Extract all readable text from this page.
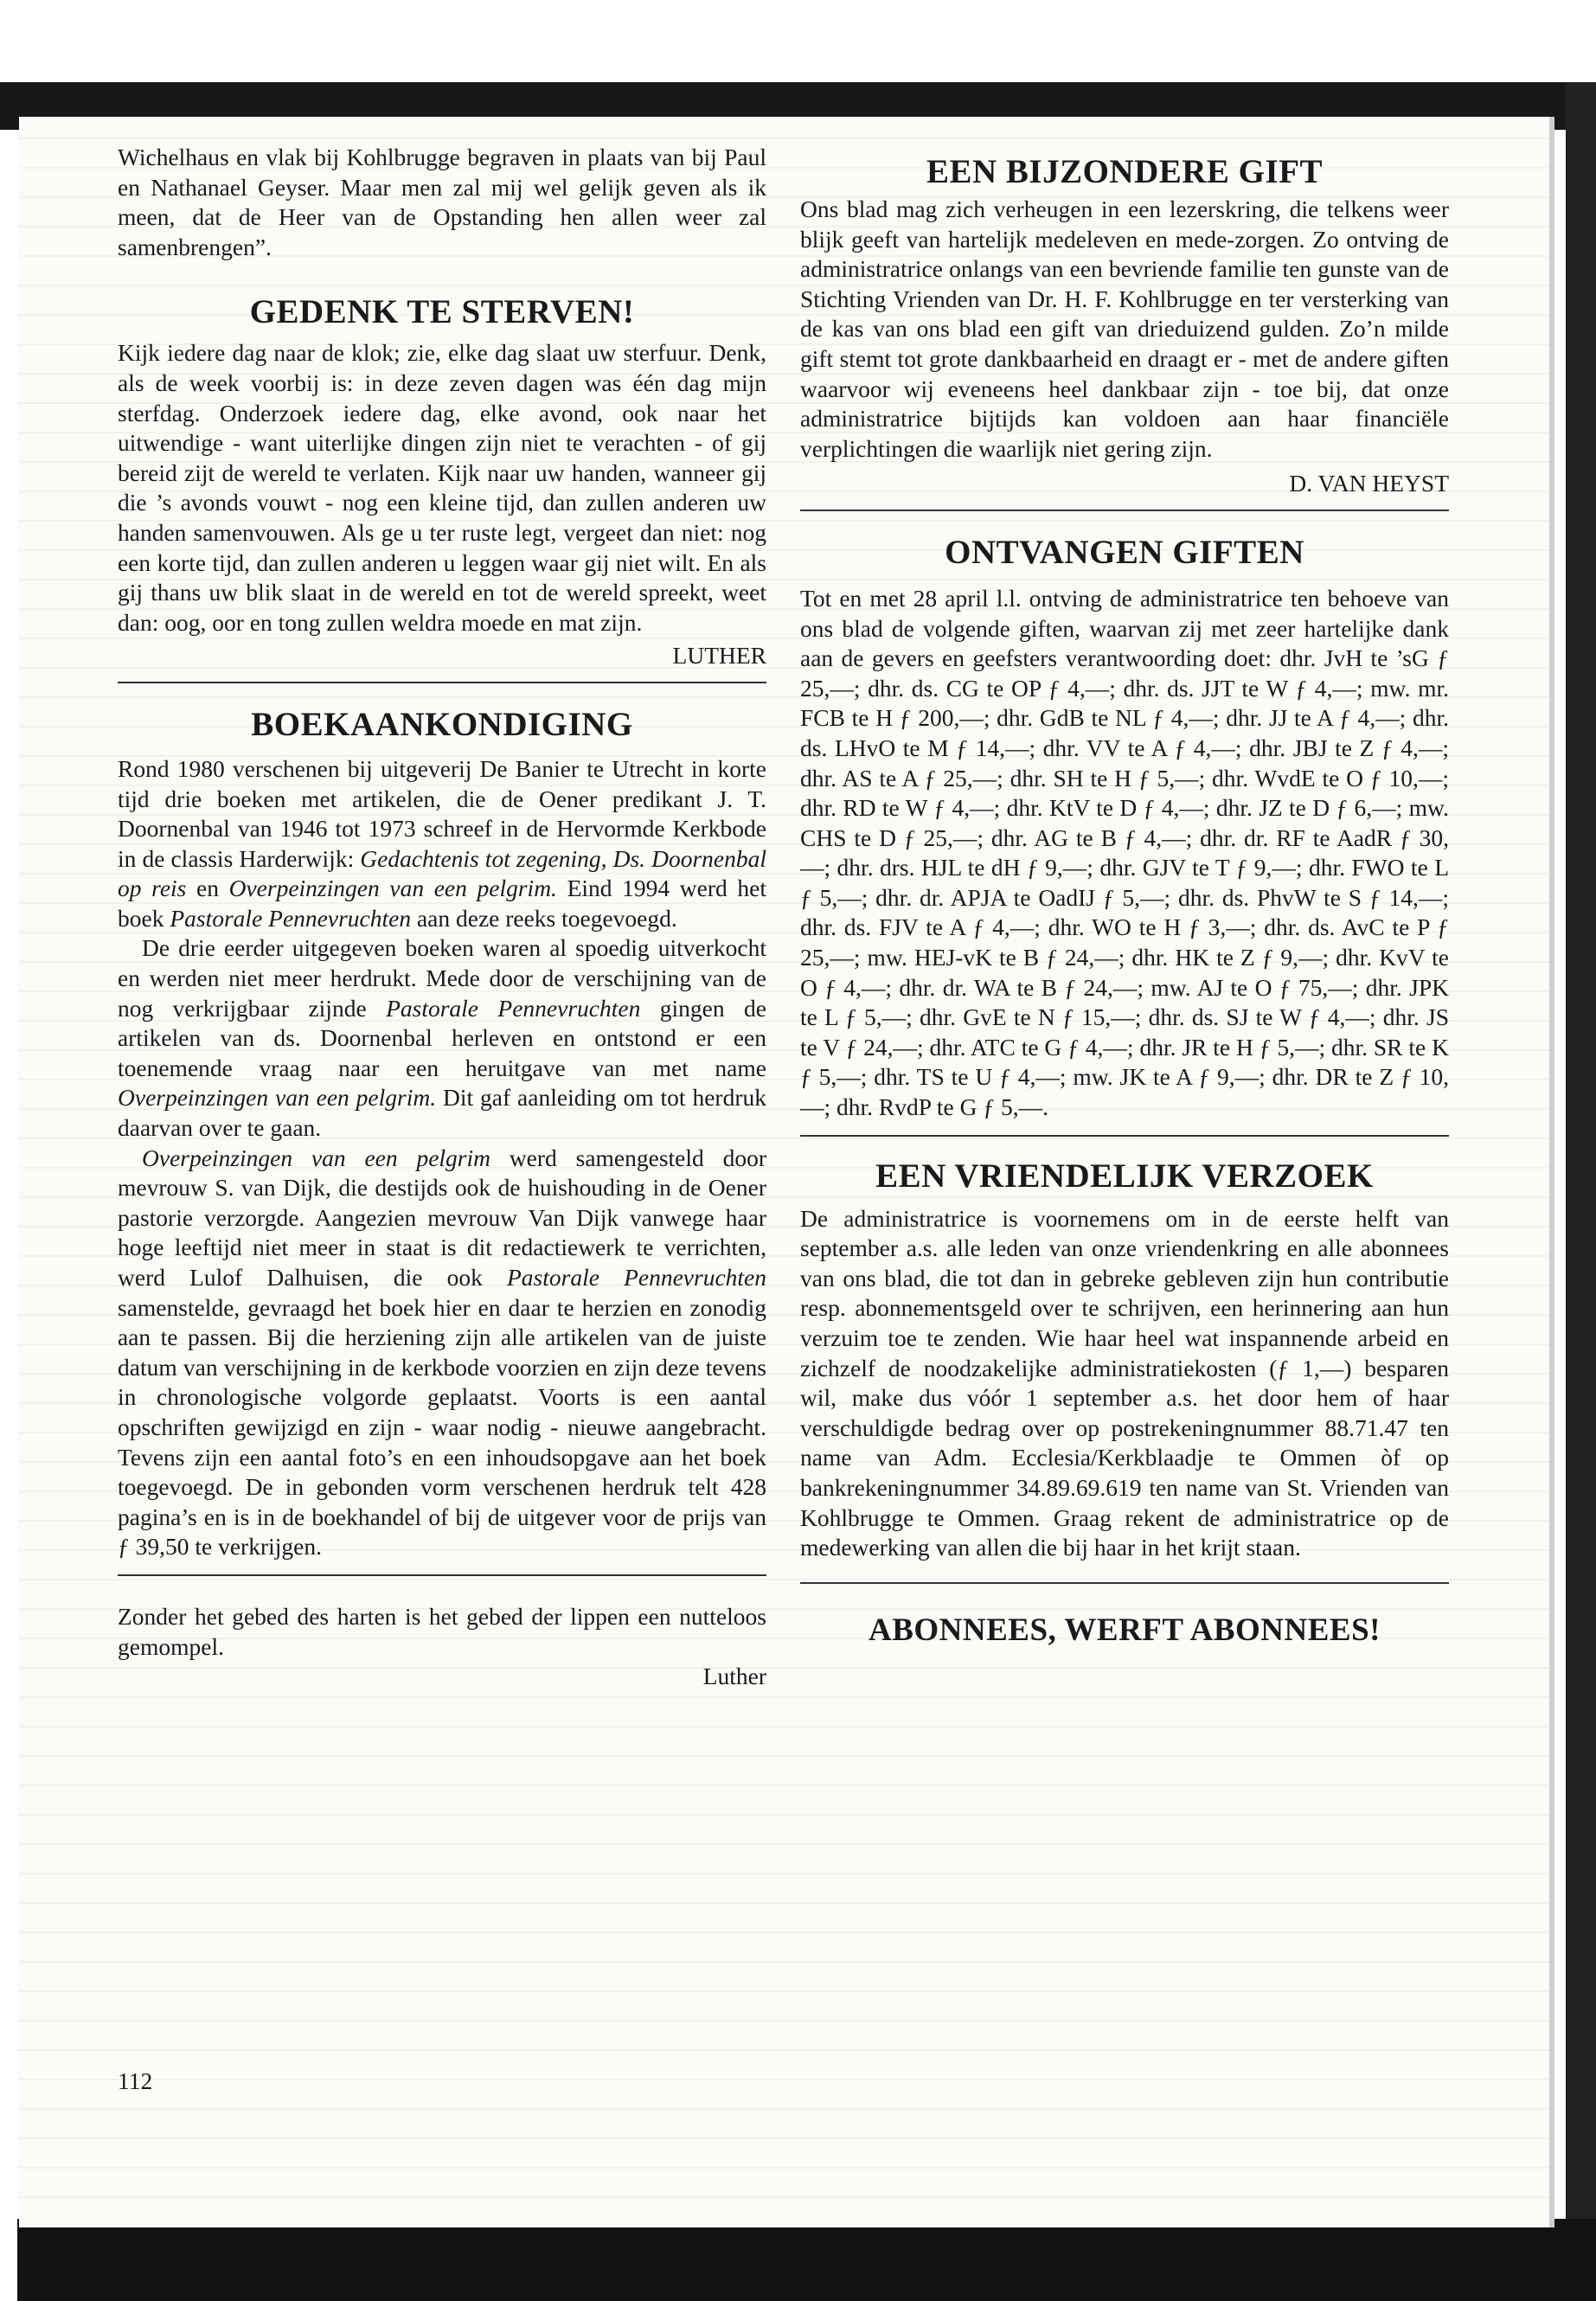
Wichelhaus en vlak bij Kohlbrugge begraven in plaats van bij Paul en Nathanael Geyser. Maar men zal mij wel gelijk geven als ik meen, dat de Heer van de Opstanding hen allen weer zal samenbrengen”.

GEDENK TE STERVEN!

Kijk iedere dag naar de klok; zie, elke dag slaat uw sterfuur. Denk, als de week voorbij is: in deze zeven dagen was één dag mijn sterfdag. Onderzoek iedere dag, elke avond, ook naar het uitwendige - want uiterlijke dingen zijn niet te verachten - of gij bereid zijt de wereld te verlaten. Kijk naar uw handen, wanneer gij die ’s avonds vouwt - nog een kleine tijd, dan zullen anderen uw handen samenvouwen. Als ge u ter ruste legt, vergeet dan niet: nog een korte tijd, dan zullen anderen u leggen waar gij niet wilt. En als gij thans uw blik slaat in de wereld en tot de wereld spreekt, weet dan: oog, oor en tong zullen weldra moede en mat zijn.

LUTHER

BOEKAANKONDIGING

Rond 1980 verschenen bij uitgeverij De Banier te Utrecht in korte tijd drie boeken met artikelen, die de Oener predikant J. T. Doornenbal van 1946 tot 1973 schreef in de Hervormde Kerkbode in de classis Harderwijk: Gedachtenis tot zegening, Ds. Doornenbal op reis en Overpeinzingen van een pelgrim. Eind 1994 werd het boek Pastorale Pennevruchten aan deze reeks toegevoegd.

De drie eerder uitgegeven boeken waren al spoedig uitverkocht en werden niet meer herdrukt. Mede door de verschijning van de nog verkrijgbaar zijnde Pastorale Pennevruchten gingen de artikelen van ds. Doornenbal herleven en ontstond er een toenemende vraag naar een heruitgave van met name Overpeinzingen van een pelgrim. Dit gaf aanleiding om tot herdruk daarvan over te gaan.

Overpeinzingen van een pelgrim werd samengesteld door mevrouw S. van Dijk, die destijds ook de huishouding in de Oener pastorie verzorgde. Aangezien mevrouw Van Dijk vanwege haar hoge leeftijd niet meer in staat is dit redactiewerk te verrichten, werd Lulof Dalhuisen, die ook Pastorale Pennevruchten samenstelde, gevraagd het boek hier en daar te herzien en zonodig aan te passen. Bij die herziening zijn alle artikelen van de juiste datum van verschijning in de kerkbode voorzien en zijn deze tevens in chronologische volgorde geplaatst. Voorts is een aantal opschriften gewijzigd en zijn - waar nodig - nieuwe aangebracht. Tevens zijn een aantal foto’s en een inhoudsopgave aan het boek toegevoegd. De in gebonden vorm verschenen herdruk telt 428 pagina’s en is in de boekhandel of bij de uitgever voor de prijs van ƒ 39,50 te verkrijgen.

Zonder het gebed des harten is het gebed der lippen een nutteloos gemompel.

Luther

112

EEN BIJZONDERE GIFT

Ons blad mag zich verheugen in een lezerskring, die telkens weer blijk geeft van hartelijk medeleven en mede-zorgen. Zo ontving de administratrice onlangs van een bevriende familie ten gunste van de Stichting Vrienden van Dr. H. F. Kohlbrugge en ter versterking van de kas van ons blad een gift van drieduizend gulden. Zo’n milde gift stemt tot grote dankbaarheid en draagt er - met de andere giften waarvoor wij eveneens heel dankbaar zijn - toe bij, dat onze administratrice bijtijds kan voldoen aan haar financiële verplichtingen die waarlijk niet gering zijn.

D. VAN HEYST

ONTVANGEN GIFTEN

Tot en met 28 april l.l. ontving de administratrice ten behoeve van ons blad de volgende giften, waarvan zij met zeer hartelijke dank aan de gevers en geefsters verantwoording doet: dhr. JvH te ’sG ƒ 25,—; dhr. ds. CG te OP ƒ 4,—; dhr. ds. JJT te W ƒ 4,—; mw. mr. FCB te H ƒ 200,—; dhr. GdB te NL ƒ 4,—; dhr. JJ te A ƒ 4,—; dhr. ds. LHvO te M ƒ 14,—; dhr. VV te A ƒ 4,—; dhr. JBJ te Z ƒ 4,—; dhr. AS te A ƒ 25,—; dhr. SH te H ƒ 5,—; dhr. WvdE te O ƒ 10,—; dhr. RD te W ƒ 4,—; dhr. KtV te D ƒ 4,—; dhr. JZ te D ƒ 6,—; mw. CHS te D ƒ 25,—; dhr. AG te B ƒ 4,—; dhr. dr. RF te AadR ƒ 30,—; dhr. drs. HJL te dH ƒ 9,—; dhr. GJV te T ƒ 9,—; dhr. FWO te L ƒ 5,—; dhr. dr. APJA te OadIJ ƒ 5,—; dhr. ds. PhvW te S ƒ 14,—; dhr. ds. FJV te A ƒ 4,—; dhr. WO te H ƒ 3,—; dhr. ds. AvC te P ƒ 25,—; mw. HEJ-vK te B ƒ 24,—; dhr. HK te Z ƒ 9,—; dhr. KvV te O ƒ 4,—; dhr. dr. WA te B ƒ 24,—; mw. AJ te O ƒ 75,—; dhr. JPK te L ƒ 5,—; dhr. GvE te N ƒ 15,—; dhr. ds. SJ te W ƒ 4,—; dhr. JS te V ƒ 24,—; dhr. ATC te G ƒ 4,—; dhr. JR te H ƒ 5,—; dhr. SR te K ƒ 5,—; dhr. TS te U ƒ 4,—; mw. JK te A ƒ 9,—; dhr. DR te Z ƒ 10,—; dhr. RvdP te G ƒ 5,—.

EEN VRIENDELIJK VERZOEK

De administratrice is voornemens om in de eerste helft van september a.s. alle leden van onze vriendenkring en alle abonnees van ons blad, die tot dan in gebreke gebleven zijn hun contributie resp. abonnementsgeld over te schrijven, een herinnering aan hun verzuim toe te zenden. Wie haar heel wat inspannende arbeid en zichzelf de noodzakelijke administratiekosten (ƒ 1,—) besparen wil, make dus vóór 1 september a.s. het door hem of haar verschuldigde bedrag over op postrekeningnummer 88.71.47 ten name van Adm. Ecclesia/Kerkblaadje te Ommen òf op bankrekeningnummer 34.89.69.619 ten name van St. Vrienden van Kohlbrugge te Ommen. Graag rekent de administratrice op de medewerking van allen die bij haar in het krijt staan.

ABONNEES, WERFT ABONNEES!
